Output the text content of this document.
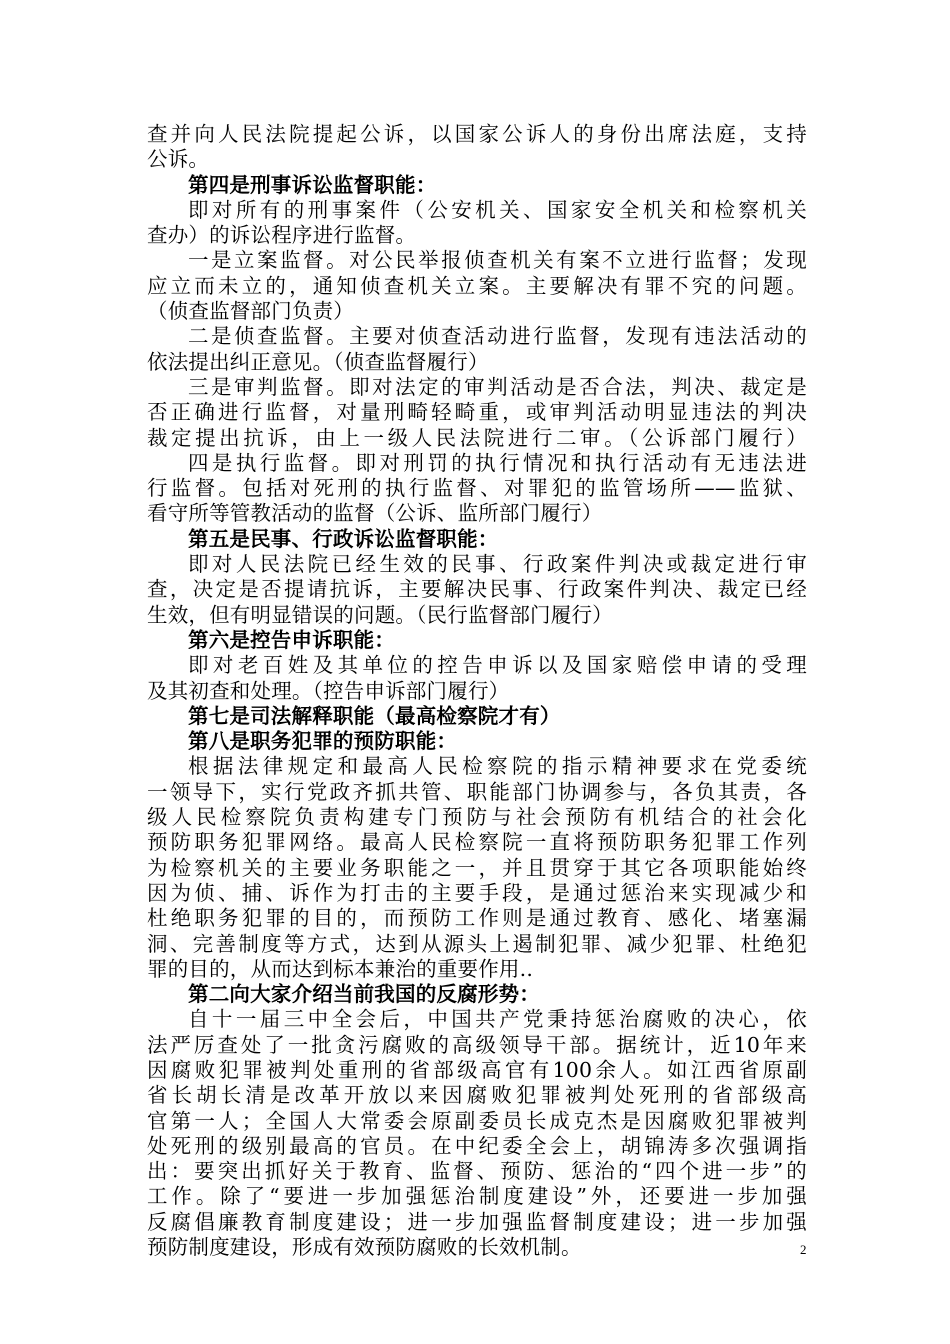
查并向人民法院提起公诉，以国家公诉人的身份出席法庭，支持
公诉。
第四是刑事诉讼监督职能：
即对所有的刑事案件（公安机关、国家安全机关和检察机关
查办）的诉讼程序进行监督。
一是立案监督。对公民举报侦查机关有案不立进行监督；发现
应立而未立的，通知侦查机关立案。主要解决有罪不究的问题。
（侦查监督部门负责）
二是侦查监督。主要对侦查活动进行监督，发现有违法活动的
依法提出纠正意见。（侦查监督履行）
三是审判监督。即对法定的审判活动是否合法，判决、裁定是
否正确进行监督，对量刑畸轻畸重，或审判活动明显违法的判决
裁定提出抗诉，由上一级人民法院进行二审。（公诉部门履行）
四是执行监督。即对刑罚的执行情况和执行活动有无违法进
行监督。包括对死刑的执行监督、对罪犯的监管场所——监狱、
看守所等管教活动的监督（公诉、监所部门履行）
第五是民事、行政诉讼监督职能：
即对人民法院已经生效的民事、行政案件判决或裁定进行审
查，决定是否提请抗诉，主要解决民事、行政案件判决、裁定已经
生效，但有明显错误的问题。（民行监督部门履行）
第六是控告申诉职能：
即对老百姓及其单位的控告申诉以及国家赔偿申请的受理
及其初查和处理。（控告申诉部门履行）
第七是司法解释职能（最高检察院才有）
第八是职务犯罪的预防职能：
根据法律规定和最高人民检察院的指示精神要求在党委统
一领导下，实行党政齐抓共管、职能部门协调参与，各负其责，各
级人民检察院负责构建专门预防与社会预防有机结合的社会化
预防职务犯罪网络。最高人民检察院一直将预防职务犯罪工作列
为检察机关的主要业务职能之一，并且贯穿于其它各项职能始终
因为侦、捕、诉作为打击的主要手段，是通过惩治来实现减少和
杜绝职务犯罪的目的，而预防工作则是通过教育、感化、堵塞漏
洞、完善制度等方式，达到从源头上遏制犯罪、减少犯罪、杜绝犯
罪的目的，从而达到标本兼治的重要作用..
第二向大家介绍当前我国的反腐形势：
自十一届三中全会后，中国共产党秉持惩治腐败的决心，依
法严厉查处了一批贪污腐败的高级领导干部。据统计，近10年来
因腐败犯罪被判处重刑的省部级高官有100余人。如江西省原副
省长胡长清是改革开放以来因腐败犯罪被判处死刑的省部级高
官第一人；全国人大常委会原副委员长成克杰是因腐败犯罪被判
处死刑的级别最高的官员。在中纪委全会上，胡锦涛多次强调指
出：要突出抓好关于教育、监督、预防、惩治的“四个进一步”的
工作。除了“要进一步加强惩治制度建设”外，还要进一步加强
反腐倡廉教育制度建设；进一步加强监督制度建设；进一步加强
预防制度建设，形成有效预防腐败的长效机制。	2
